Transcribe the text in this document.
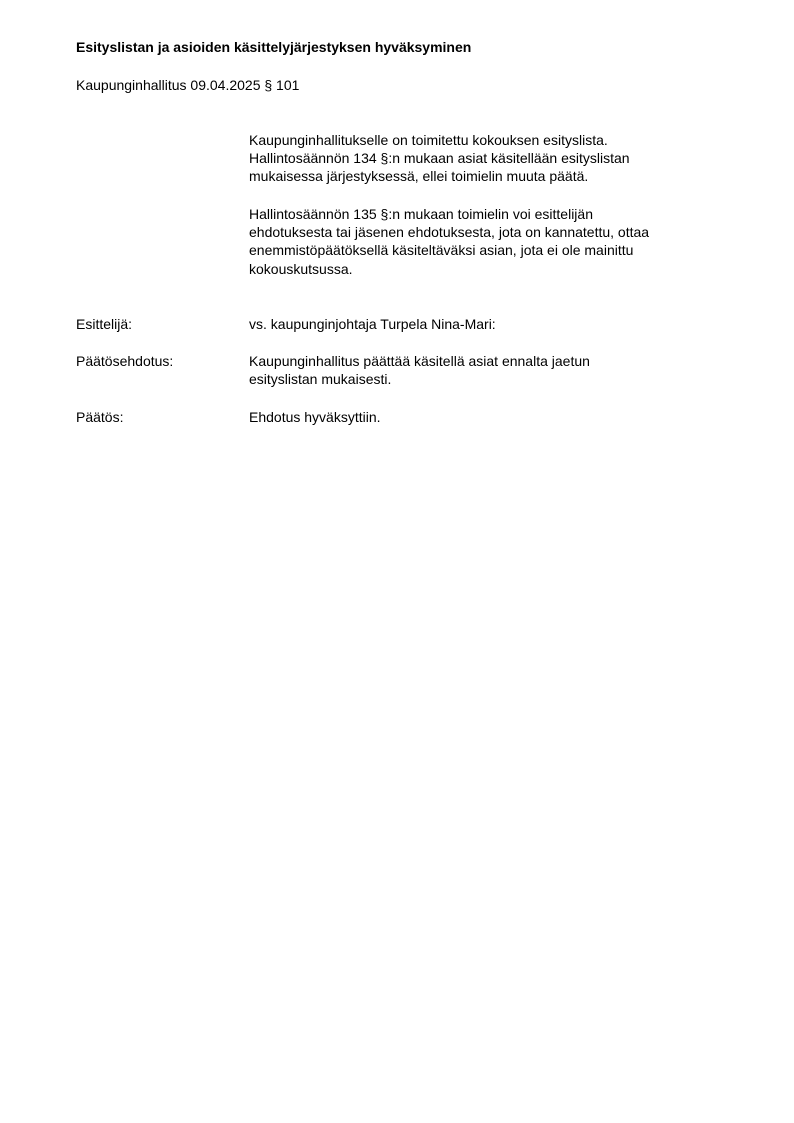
Esityslistan ja asioiden käsittelyjärjestyksen hyväksyminen
Kaupunginhallitus 09.04.2025 § 101
Kaupunginhallitukselle on toimitettu kokouksen esityslista.
Hallintosäännön 134 §:n mukaan asiat käsitellään esityslistan
mukaisessa järjestyksessä, ellei toimielin muuta päätä.
Hallintosäännön 135 §:n mukaan toimielin voi esittelijän
ehdotuksesta tai jäsenen ehdotuksesta, jota on kannatettu, ottaa
enemmistöpäätöksellä käsiteltäväksi asian, jota ei ole mainittu
kokouskutsussa.
Esittelijä:	vs. kaupunginjohtaja Turpela Nina-Mari:
Päätösehdotus:	Kaupunginhallitus päättää käsitellä asiat ennalta jaetun
esityslistan mukaisesti.
Päätös:	Ehdotus hyväksyttiin.
